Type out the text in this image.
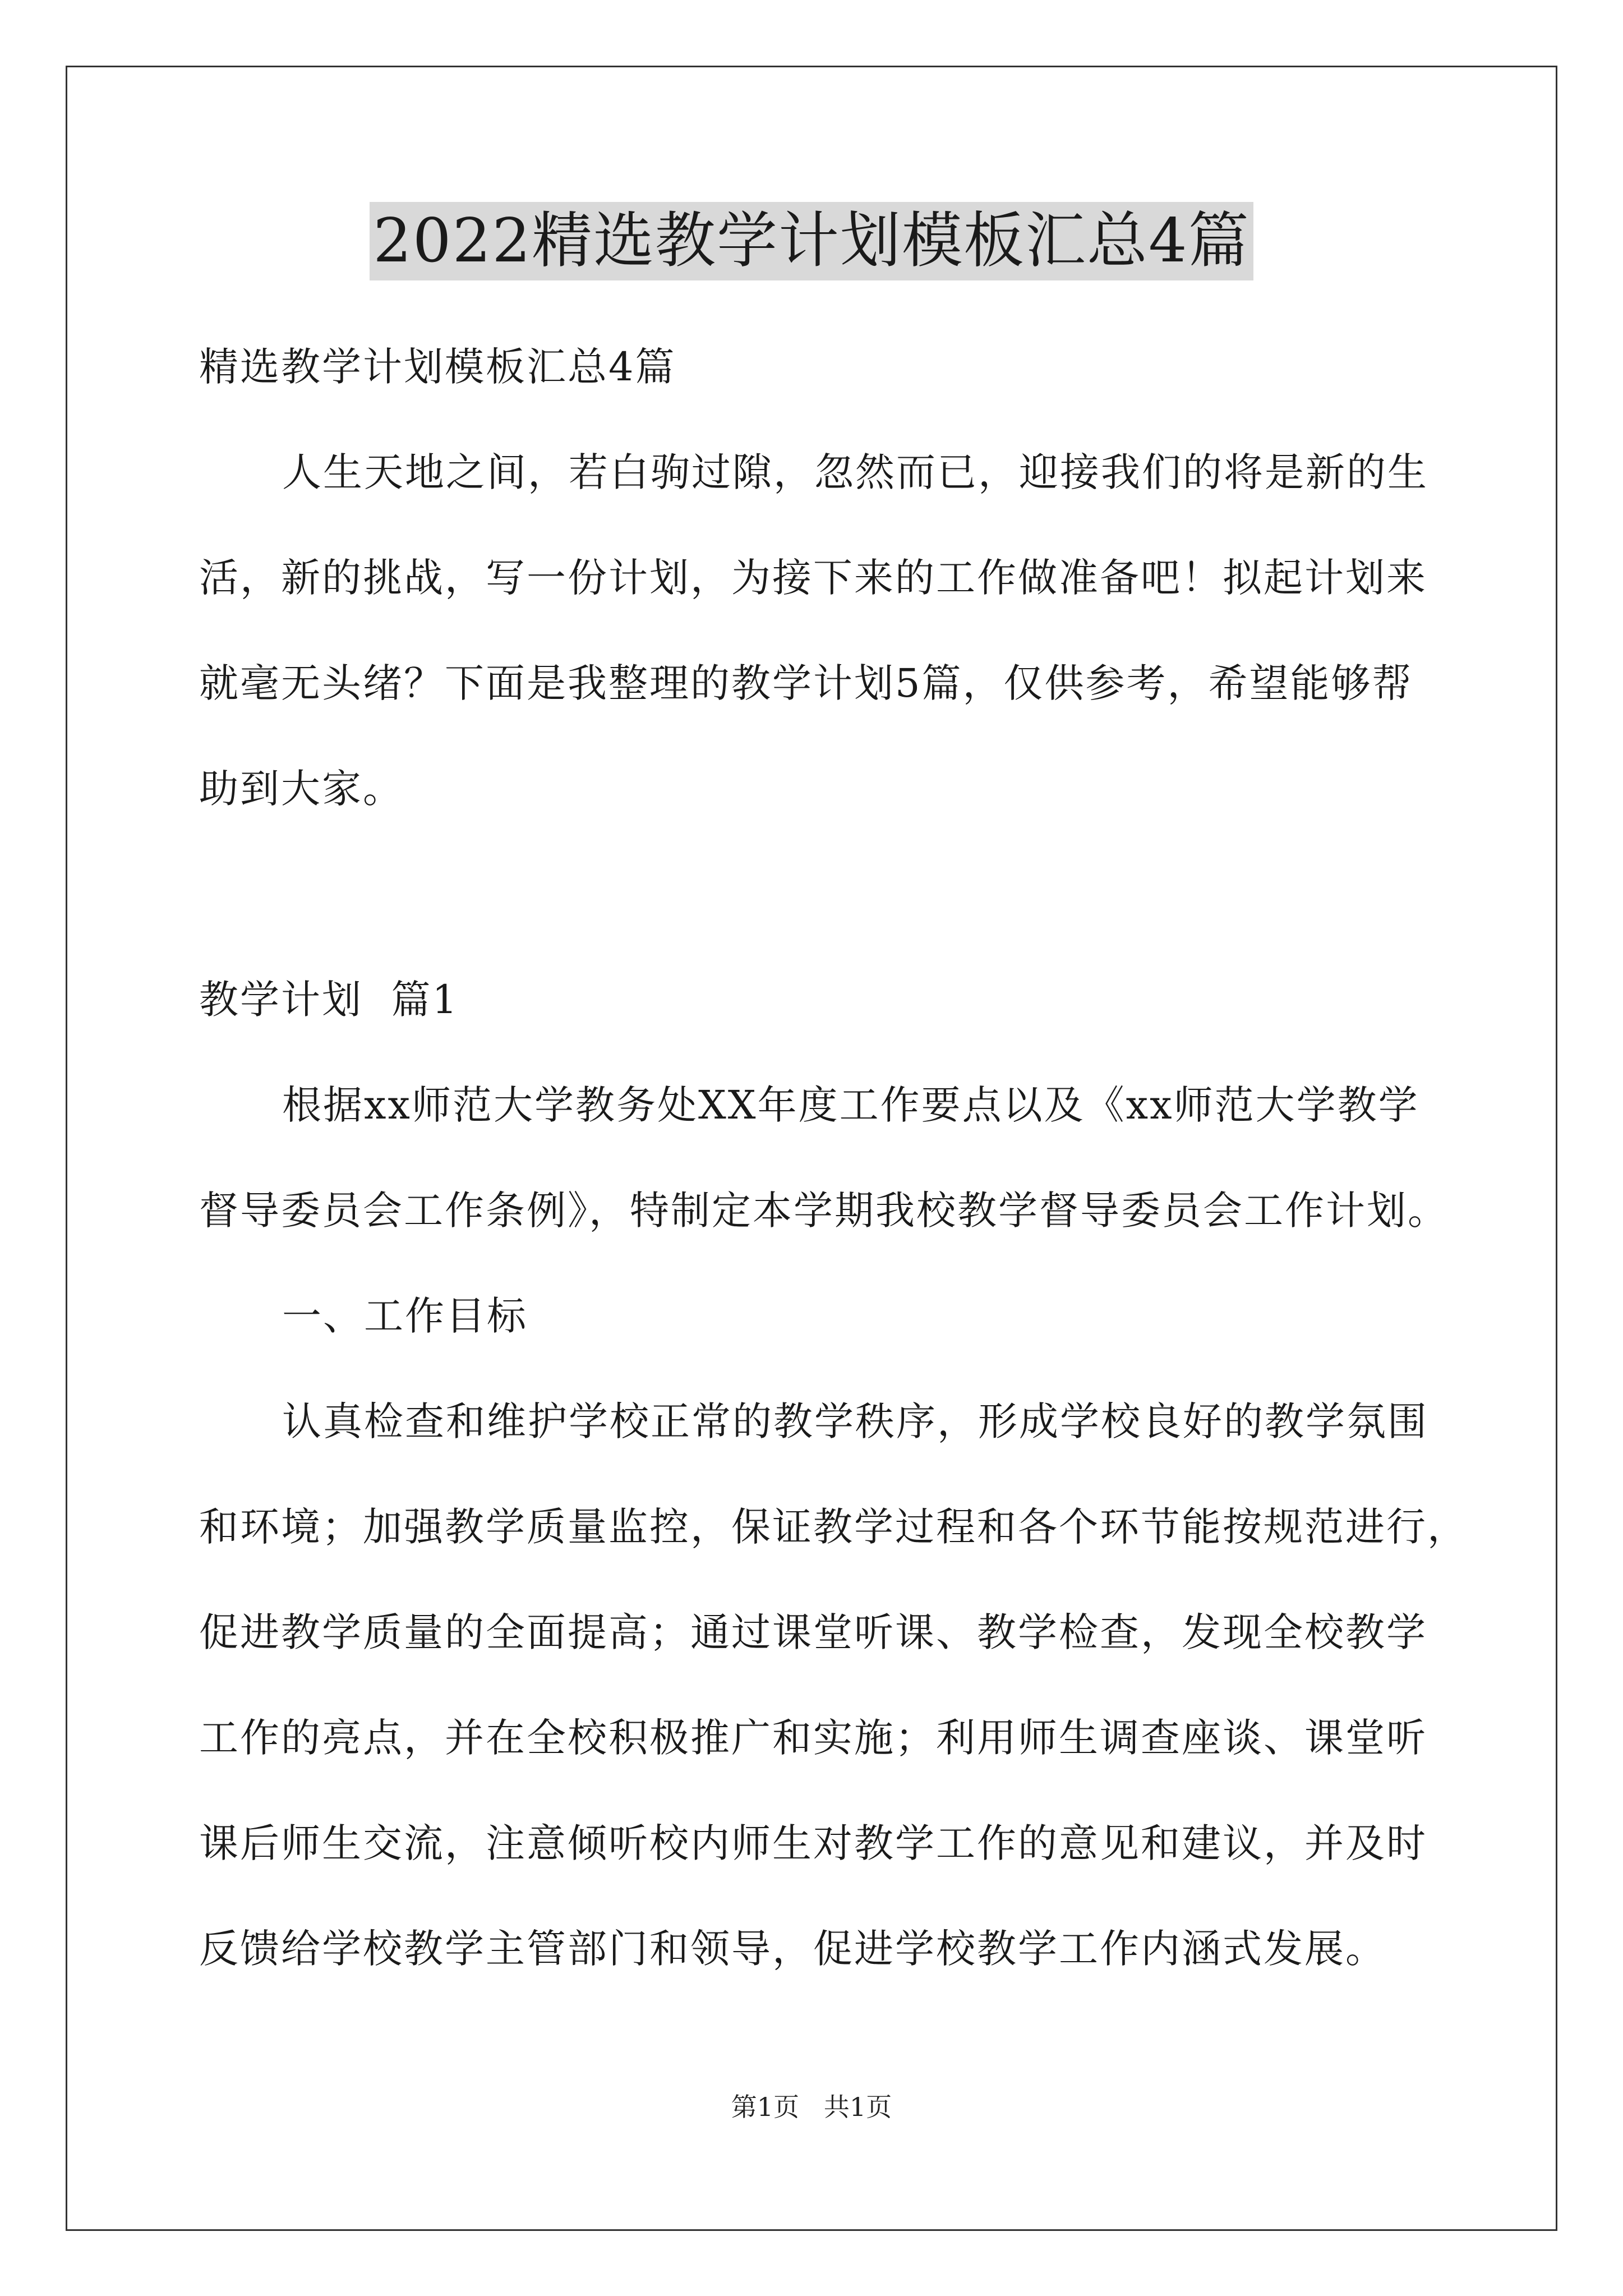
2022精选教学计划模板汇总4篇
精选教学计划模板汇总4篇
人生天地之间，若白驹过隙，忽然而已，迎接我们的将是新的生
活，新的挑战，写一份计划，为接下来的工作做准备吧！拟起计划来
就毫无头绪？下面是我整理的教学计划5篇，仅供参考，希望能够帮
助到大家。
教学计划  篇1
根据xx师范大学教务处XX年度工作要点以及《xx师范大学教学
督导委员会工作条例》，特制定本学期我校教学督导委员会工作计划。
一、工作目标
认真检查和维护学校正常的教学秩序，形成学校良好的教学氛围
和环境；加强教学质量监控，保证教学过程和各个环节能按规范进行，
促进教学质量的全面提高；通过课堂听课、教学检查，发现全校教学
工作的亮点，并在全校积极推广和实施；利用师生调查座谈、课堂听
课后师生交流，注意倾听校内师生对教学工作的意见和建议，并及时
反馈给学校教学主管部门和领导，促进学校教学工作内涵式发展。
第1页   共1页
